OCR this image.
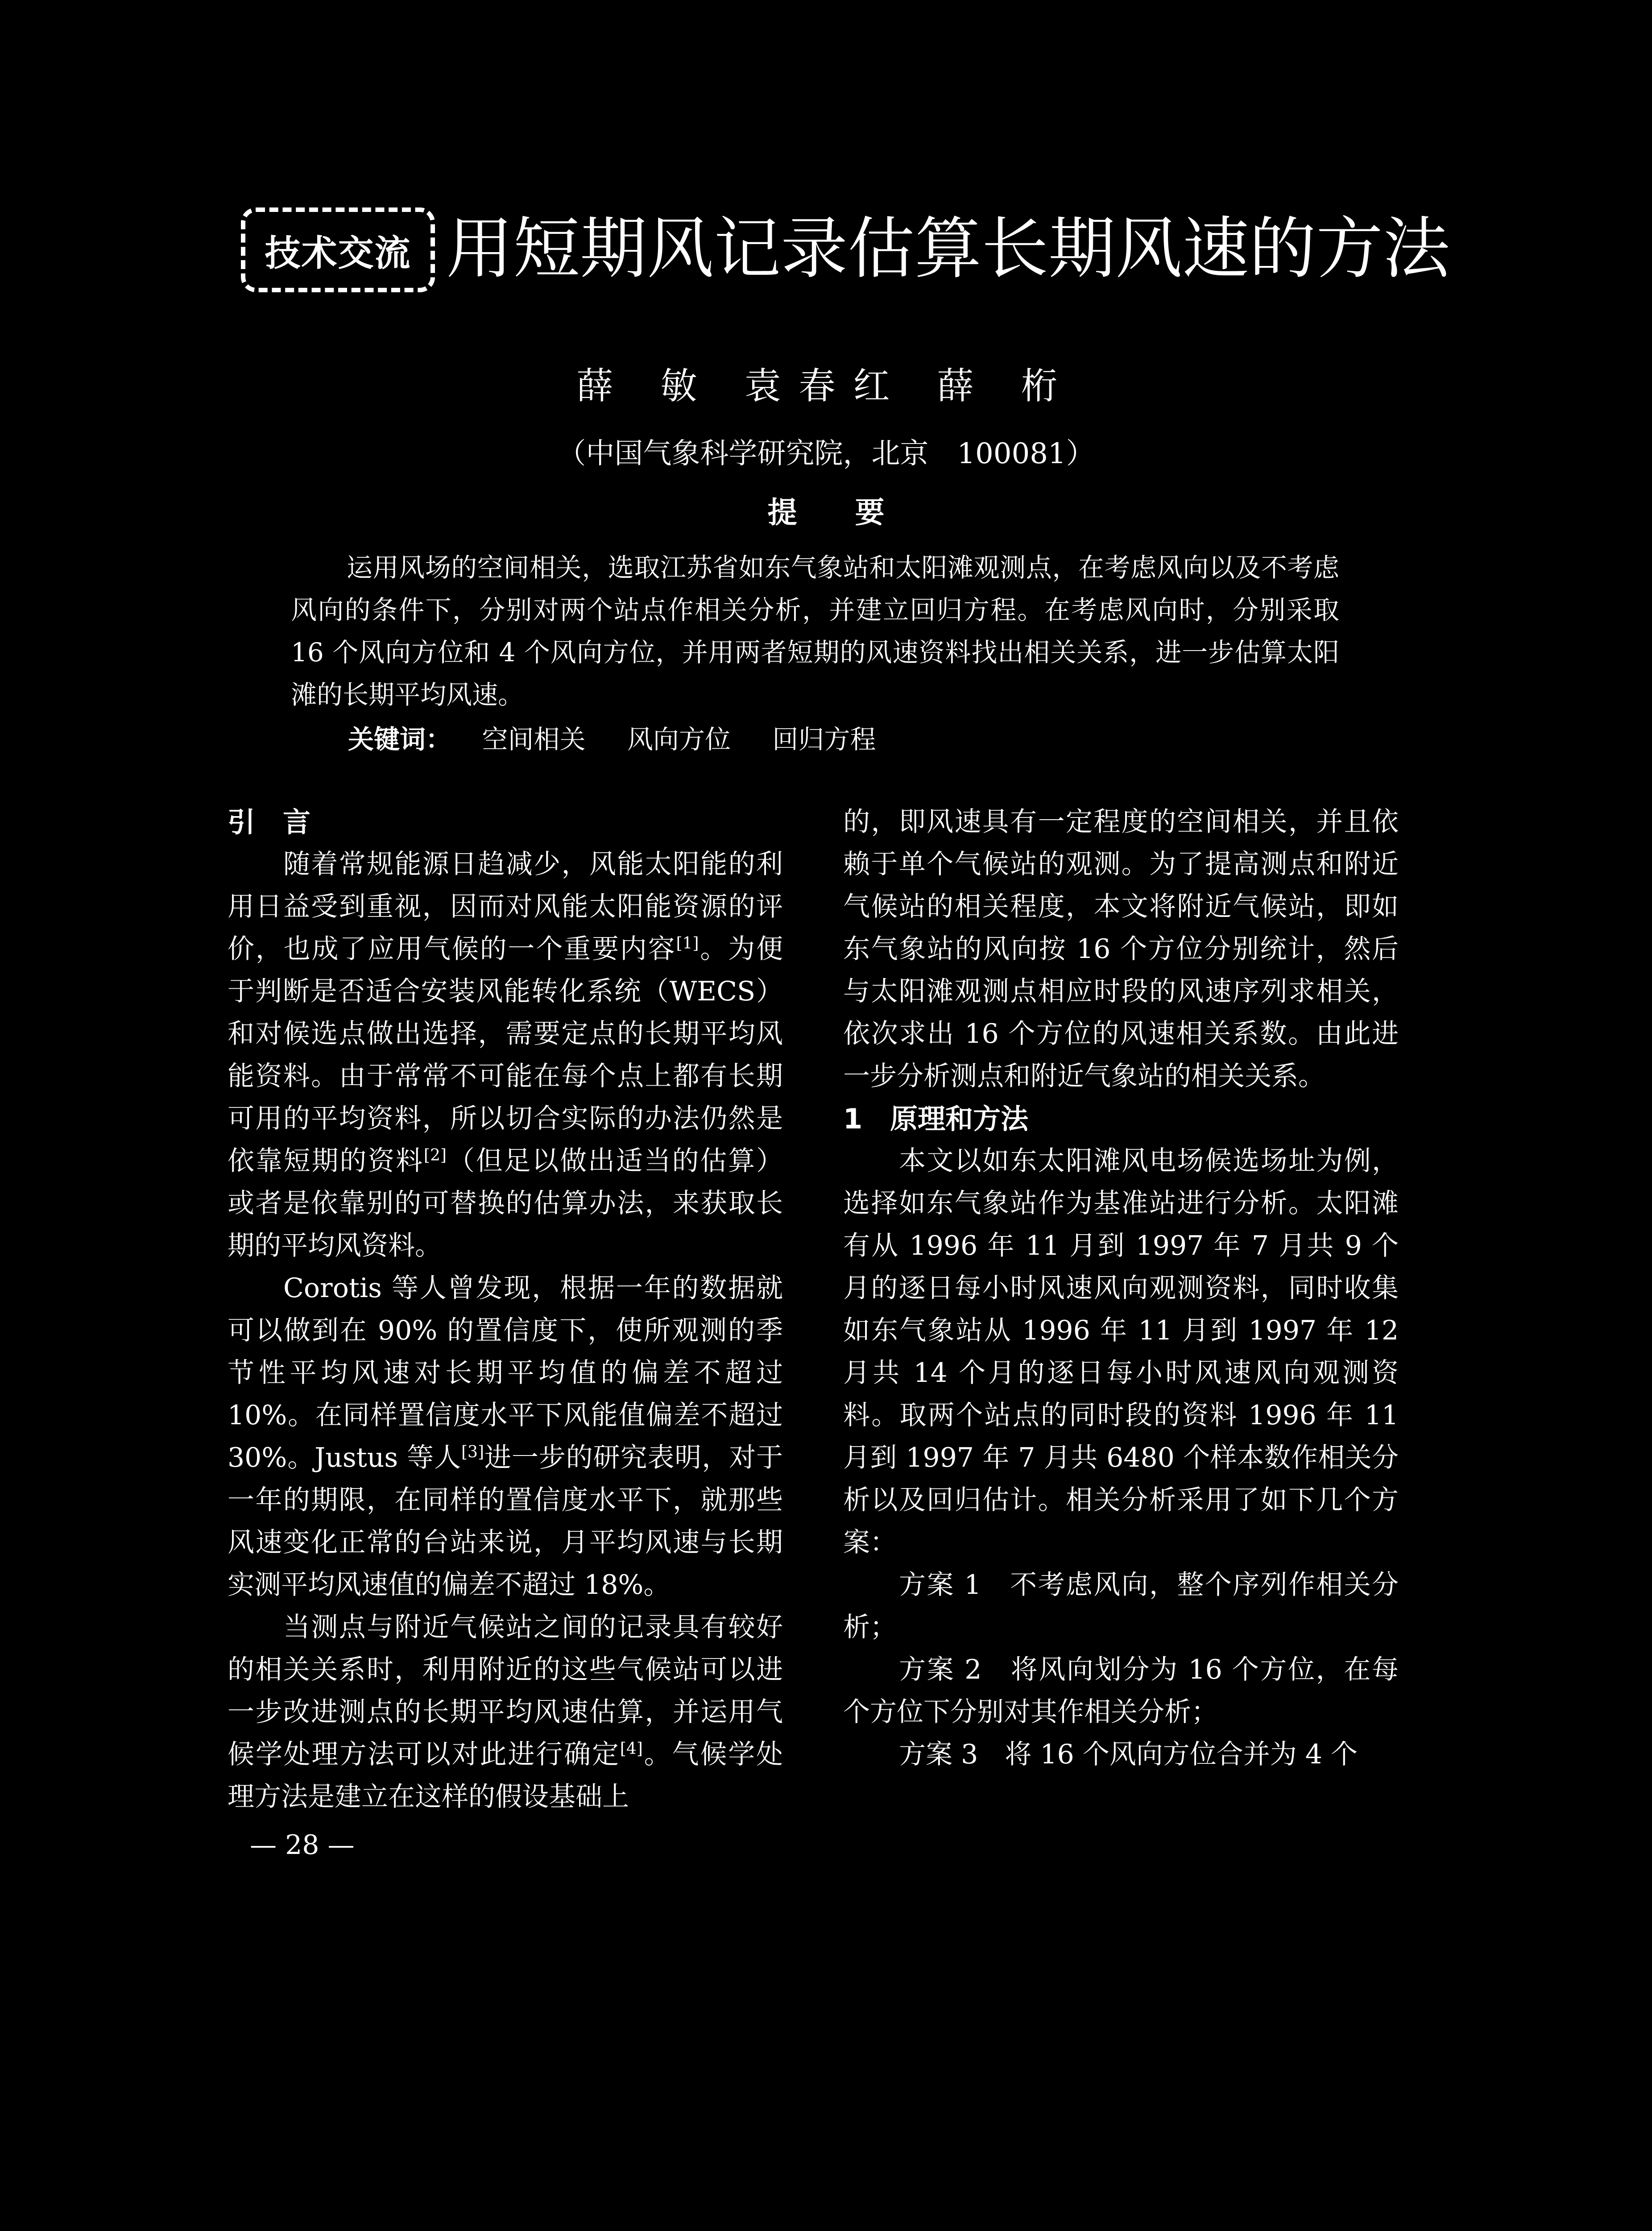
技术交流 用短期风记录估算长期风速的方法
薛 敏 袁春红 薛 桁
（中国气象科学研究院，北京　100081）
提要
运用风场的空间相关，选取江苏省如东气象站和太阳滩观测点，在考虑风向以及不考虑风向的条件下，分别对两个站点作相关分析，并建立回归方程。在考虑风向时，分别采取 16 个风向方位和 4 个风向方位，并用两者短期的风速资料找出相关关系，进一步估算太阳滩的长期平均风速。
关键词： 空间相关 风向方位 回归方程
引　言

随着常规能源日趋减少，风能太阳能的利用日益受到重视，因而对风能太阳能资源的评价，也成了应用气候的一个重要内容[1]。为便于判断是否适合安装风能转化系统（WECS）和对候选点做出选择，需要定点的长期平均风能资料。由于常常不可能在每个点上都有长期可用的平均资料，所以切合实际的办法仍然是依靠短期的资料[2]（但足以做出适当的估算）或者是依靠别的可替换的估算办法，来获取长期的平均风资料。

Corotis 等人曾发现，根据一年的数据就可以做到在 90% 的置信度下，使所观测的季节性平均风速对长期平均值的偏差不超过 10%。在同样置信度水平下风能值偏差不超过 30%。Justus 等人[3]进一步的研究表明，对于一年的期限，在同样的置信度水平下，就那些风速变化正常的台站来说，月平均风速与长期实测平均风速值的偏差不超过 18%。

当测点与附近气候站之间的记录具有较好的相关关系时，利用附近的这些气候站可以进一步改进测点的长期平均风速估算，并运用气候学处理方法可以对此进行确定[4]。气候学处理方法是建立在这样的假设基础上

的，即风速具有一定程度的空间相关，并且依赖于单个气候站的观测。为了提高测点和附近气候站的相关程度，本文将附近气候站，即如东气象站的风向按 16 个方位分别统计，然后与太阳滩观测点相应时段的风速序列求相关，依次求出 16 个方位的风速相关系数。由此进一步分析测点和附近气象站的相关关系。

1　原理和方法

本文以如东太阳滩风电场候选场址为例，选择如东气象站作为基准站进行分析。太阳滩有从 1996 年 11 月到 1997 年 7 月共 9 个月的逐日每小时风速风向观测资料，同时收集如东气象站从 1996 年 11 月到 1997 年 12 月共 14 个月的逐日每小时风速风向观测资料。取两个站点的同时段的资料 1996 年 11 月到 1997 年 7 月共 6480 个样本数作相关分析以及回归估计。相关分析采用了如下几个方案：

方案 1　不考虑风向，整个序列作相关分析；

方案 2　将风向划分为 16 个方位，在每个方位下分别对其作相关分析；

方案 3　将 16 个风向方位合并为 4 个

— 28 —
